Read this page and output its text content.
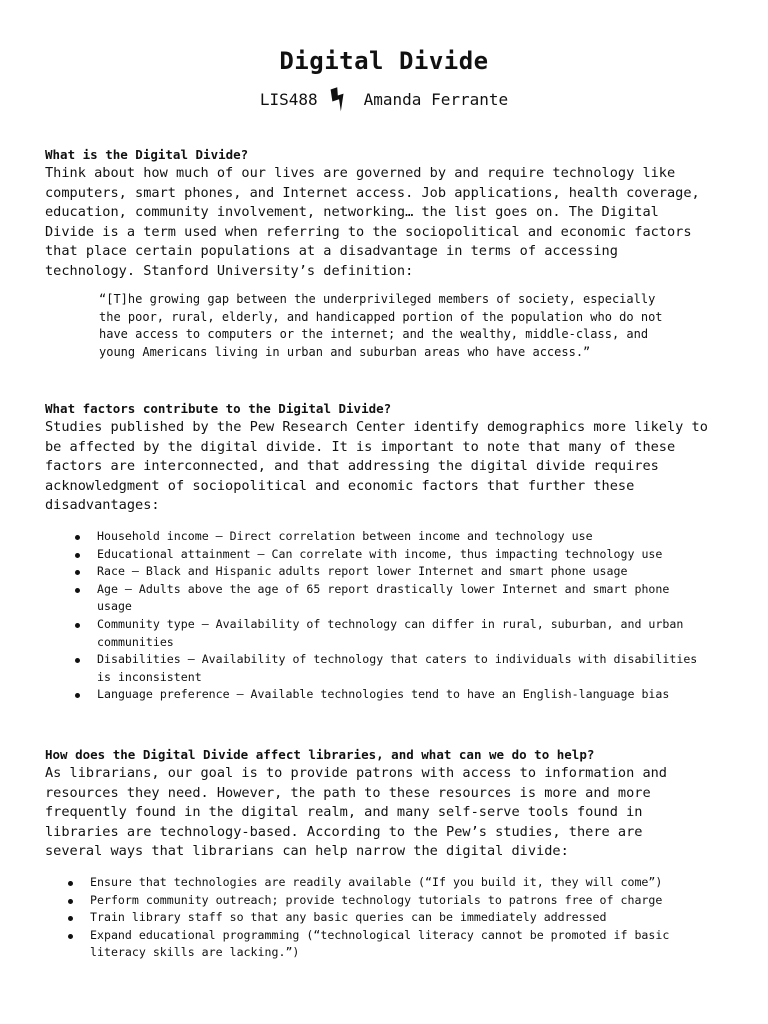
Digital Divide
LIS488	Amanda Ferrante
What is the Digital Divide?

Think about how much of our lives are governed by and require technology like
computers, smart phones, and Internet access. Job applications, health coverage,
education, community involvement, networking… the list goes on. The Digital
Divide is a term used when referring to the sociopolitical and economic factors
that place certain populations at a disadvantage in terms of accessing
technology. Stanford University’s definition:

“[T]he growing gap between the underprivileged members of society, especially
the poor, rural, elderly, and handicapped portion of the population who do not
have access to computers or the internet; and the wealthy, middle-class, and
young Americans living in urban and suburban areas who have access.”

What factors contribute to the Digital Divide?

Studies published by the Pew Research Center identify demographics more likely to
be affected by the digital divide. It is important to note that many of these
factors are interconnected, and that addressing the digital divide requires
acknowledgment of sociopolitical and economic factors that further these
disadvantages:

Household income – Direct correlation between income and technology use
Educational attainment – Can correlate with income, thus impacting technology use
Race – Black and Hispanic adults report lower Internet and smart phone usage
Age – Adults above the age of 65 report drastically lower Internet and smart phone
usage
Community type – Availability of technology can differ in rural, suburban, and urban
communities
Disabilities – Availability of technology that caters to individuals with disabilities
is inconsistent
Language preference – Available technologies tend to have an English-language bias
How does the Digital Divide affect libraries, and what can we do to help?

As librarians, our goal is to provide patrons with access to information and
resources they need. However, the path to these resources is more and more
frequently found in the digital realm, and many self-serve tools found in
libraries are technology-based. According to the Pew’s studies, there are
several ways that librarians can help narrow the digital divide:

Ensure that technologies are readily available (“If you build it, they will come”)
Perform community outreach; provide technology tutorials to patrons free of charge
Train library staff so that any basic queries can be immediately addressed
Expand educational programming (“technological literacy cannot be promoted if basic
literacy skills are lacking.”)
